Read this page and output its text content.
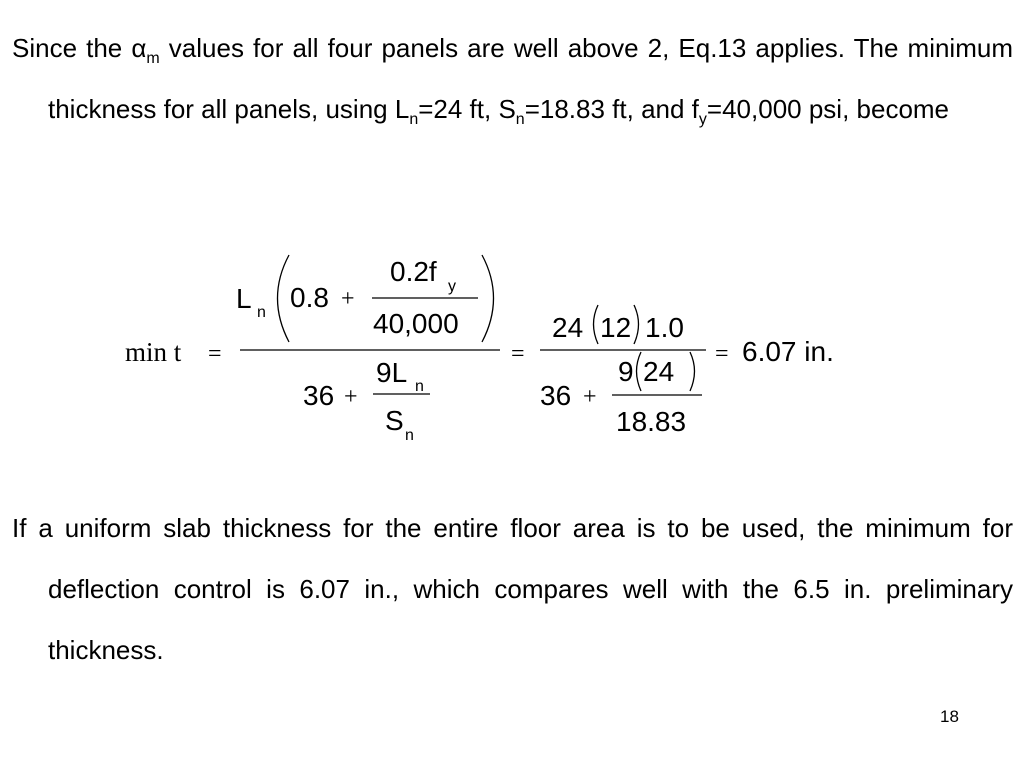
Since the $\alpha_m$ values for all four panels are well above 2, Eq.13 applies. The minimum thickness for all panels, using $L_n=24$ ft, $S_n=18.83$ ft, and $f_y=40,000$ psi, become
min t =
L n 0.8 +
0.2f y
40,000
36 +
9L n
S n
=
24 12 1.0
36 +
9 24
18.83
= 6.07 in.
If a uniform slab thickness for the entire floor area is to be used, the minimum for deflection control is 6.07 in., which compares well with the 6.5 in. preliminary thickness.
18
